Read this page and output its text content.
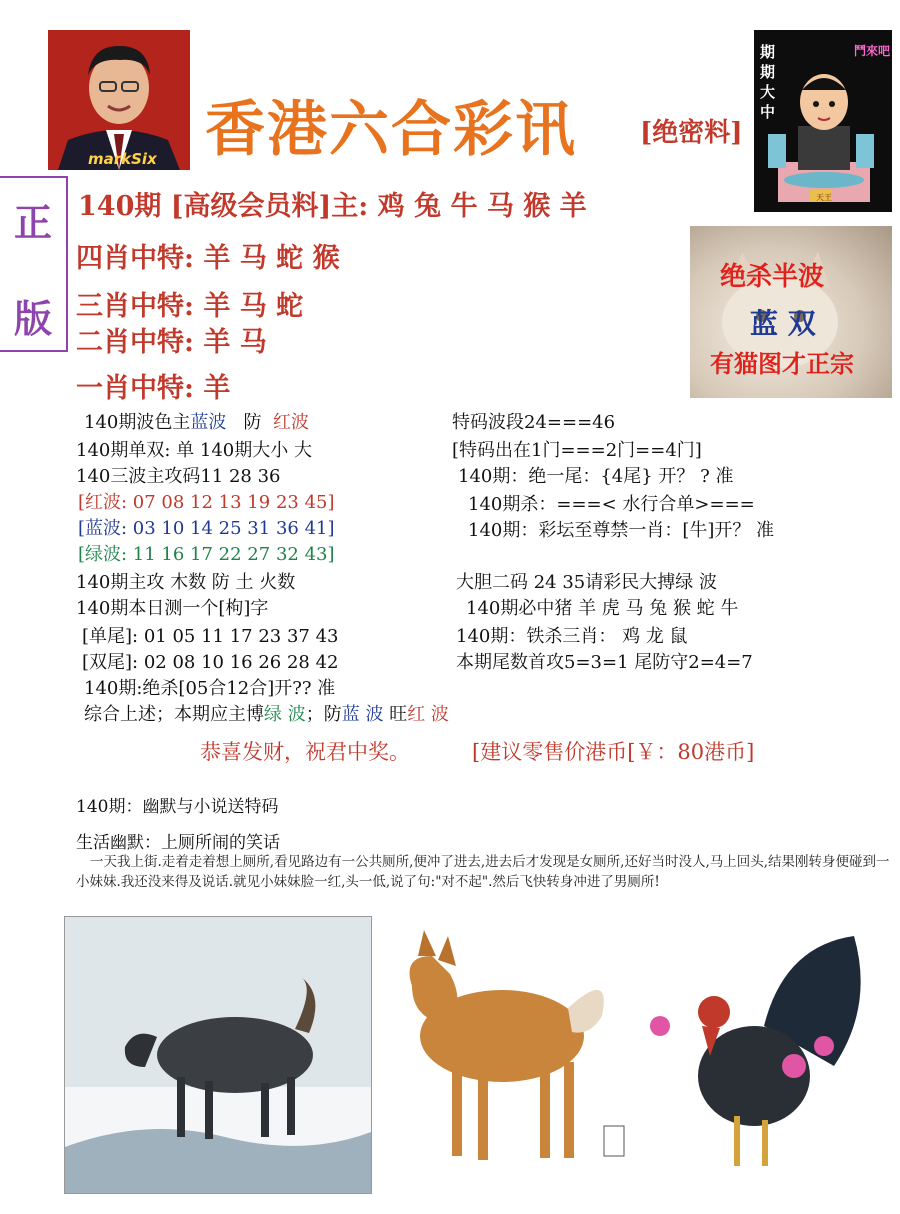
markSix 香港六合彩讯 [绝密料]
期期大中
鬥來吧
天王
正
版
140期 [高级会员料]主: 鸡 兔 牛 马 猴 羊
四肖中特: 羊 马 蛇 猴
三肖中特: 羊 马 蛇
二肖中特: 羊 马
一肖中特: 羊
绝杀半波
蓝 双
有猫图才正宗
140期波色主蓝波 防 红波
140期单双: 单 140期大小 大
140三波主攻码11 28 36
[红波: 07 08 12 13 19 23 45]
[蓝波: 03 10 14 25 31 36 41]
[绿波: 11 16 17 22 27 32 43]
140期主攻 木数 防 土 火数
140期本日测一个[枸]字
[单尾]: 01 05 11 17 23 37 43
[双尾]: 02 08 10 16 26 28 42
140期:绝杀[05合12合]开?? 准
综合上述；本期应主博绿 波；防蓝 波 旺红 波
特码波段24===46
[特码出在1门===2门==4门]
140期：绝一尾：{4尾} 开？ ? 准
140期杀：===< 水行合单>===
140期：彩坛至尊禁一肖：[牛]开？ 准
大胆二码 24 35请彩民大搏绿 波
140期必中猪 羊 虎 马 兔 猴 蛇 牛
140期：铁杀三肖： 鸡 龙 鼠
本期尾数首攻5=3=1 尾防守2=4=7
恭喜发财，祝君中奖。	[建议零售价港币[￥：80港币]
140期：幽默与小说送特码
生活幽默：上厕所闹的笑话
一天我上街.走着走着想上厕所,看见路边有一公共厕所,便冲了进去,进去后才发现是女厕所,还好当时没人,马上回头,结果刚转身便碰到一小妹妹.我还没来得及说话.就见小妹妹脸一红,头一低,说了句:"对不起".然后飞快转身冲进了男厕所!
